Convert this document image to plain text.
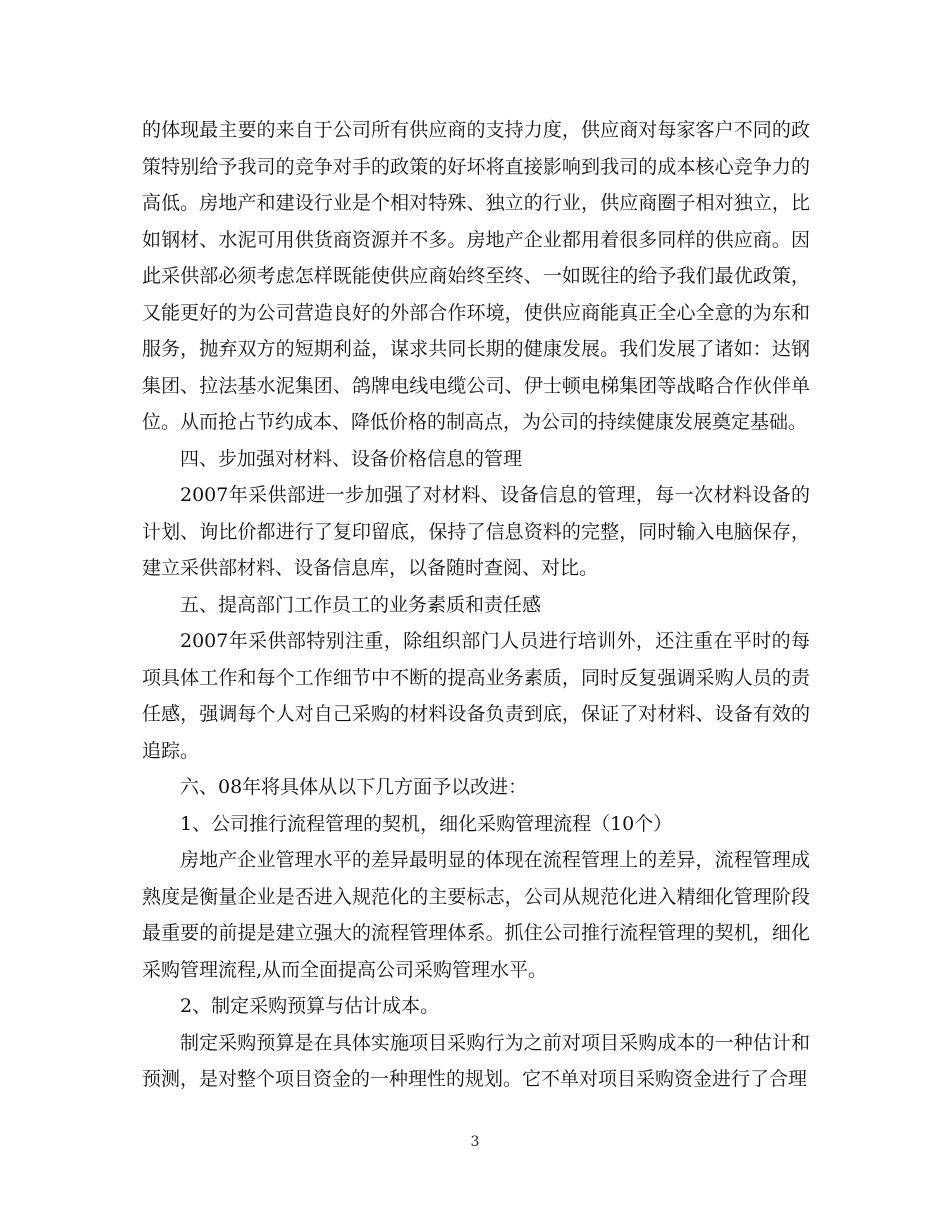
的体现最主要的来自于公司所有供应商的支持力度，供应商对每家客户不同的政策特别给予我司的竞争对手的政策的好坏将直接影响到我司的成本核心竞争力的高低。房地产和建设行业是个相对特殊、独立的行业，供应商圈子相对独立，比如钢材、水泥可用供货商资源并不多。房地产企业都用着很多同样的供应商。因此采供部必须考虑怎样既能使供应商始终至终、一如既往的给予我们最优政策，又能更好的为公司营造良好的外部合作环境，使供应商能真正全心全意的为东和服务，抛弃双方的短期利益，谋求共同长期的健康发展。我们发展了诸如：达钢集团、拉法基水泥集团、鸽牌电线电缆公司、伊士顿电梯集团等战略合作伙伴单位。从而抢占节约成本、降低价格的制高点，为公司的持续健康发展奠定基础。

四、步加强对材料、设备价格信息的管理

2007年采供部进一步加强了对材料、设备信息的管理，每一次材料设备的计划、询比价都进行了复印留底，保持了信息资料的完整，同时输入电脑保存，建立采供部材料、设备信息库，以备随时查阅、对比。

五、提高部门工作员工的业务素质和责任感

2007年采供部特别注重，除组织部门人员进行培训外，还注重在平时的每项具体工作和每个工作细节中不断的提高业务素质，同时反复强调采购人员的责任感，强调每个人对自己采购的材料设备负责到底，保证了对材料、设备有效的追踪。

六、08年将具体从以下几方面予以改进：

1、公司推行流程管理的契机，细化采购管理流程（10个）

房地产企业管理水平的差异最明显的体现在流程管理上的差异，流程管理成熟度是衡量企业是否进入规范化的主要标志，公司从规范化进入精细化管理阶段最重要的前提是建立强大的流程管理体系。抓住公司推行流程管理的契机，细化采购管理流程,从而全面提高公司采购管理水平。

2、制定采购预算与估计成本。

制定采购预算是在具体实施项目采购行为之前对项目采购成本的一种估计和预测，是对整个项目资金的一种理性的规划。它不单对项目采购资金进行了合理

3
